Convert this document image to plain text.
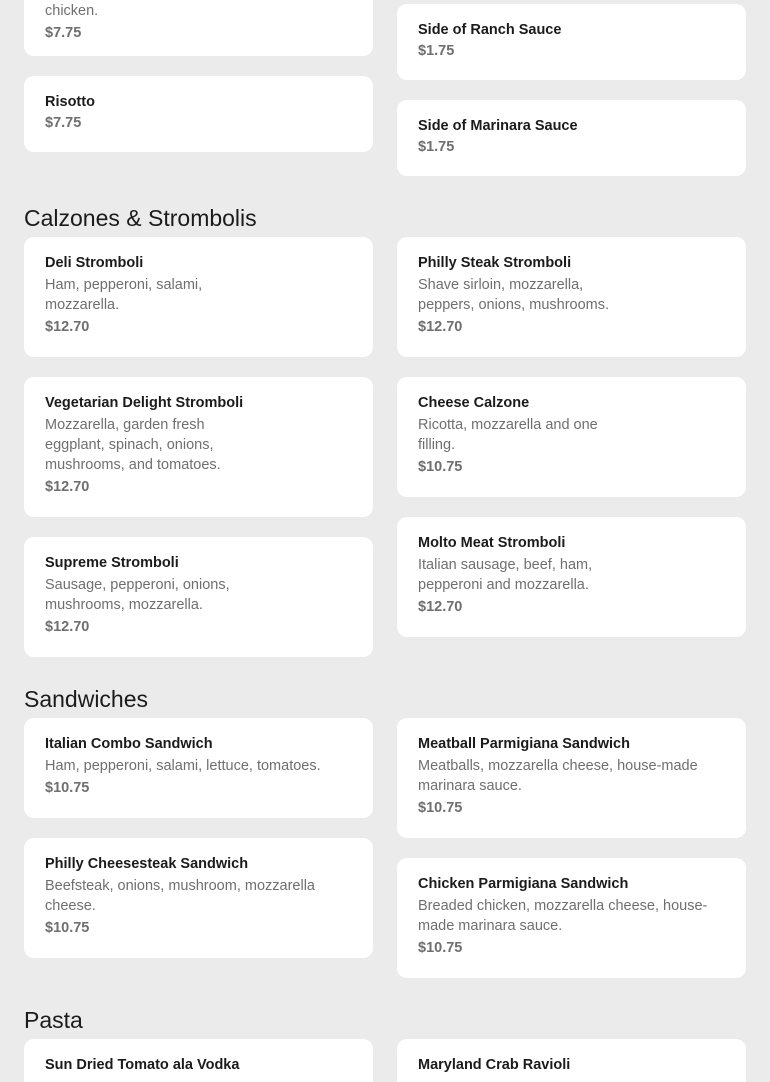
chicken.
$7.75	Side of Ranch Sauce
$1.75
Risotto
$7.75	Side of Marinara Sauce
$1.75
Calzones & Strombolis
Deli Stromboli
Ham, pepperoni, salami, mozzarella.
$12.70
Philly Steak Stromboli
Shave sirloin, mozzarella, peppers, onions, mushrooms.
$12.70
Vegetarian Delight Stromboli
Mozzarella, garden fresh eggplant, spinach, onions, mushrooms, and tomatoes.
$12.70
Cheese Calzone
Ricotta, mozzarella and one filling.
$10.75
Supreme Stromboli
Sausage, pepperoni, onions, mushrooms, mozzarella.
$12.70
Molto Meat Stromboli
Italian sausage, beef, ham, pepperoni and mozzarella.
$12.70
Sandwiches
Italian Combo Sandwich
Ham, pepperoni, salami, lettuce, tomatoes.
$10.75
Meatball Parmigiana Sandwich
Meatballs, mozzarella cheese, house-made marinara sauce.
$10.75
Philly Cheesesteak Sandwich
Beefsteak, onions, mushroom, mozzarella cheese.
$10.75
Chicken Parmigiana Sandwich
Breaded chicken, mozzarella cheese, house-made marinara sauce.
$10.75
Pasta
Sun Dried Tomato ala Vodka	Maryland Crab Ravioli
